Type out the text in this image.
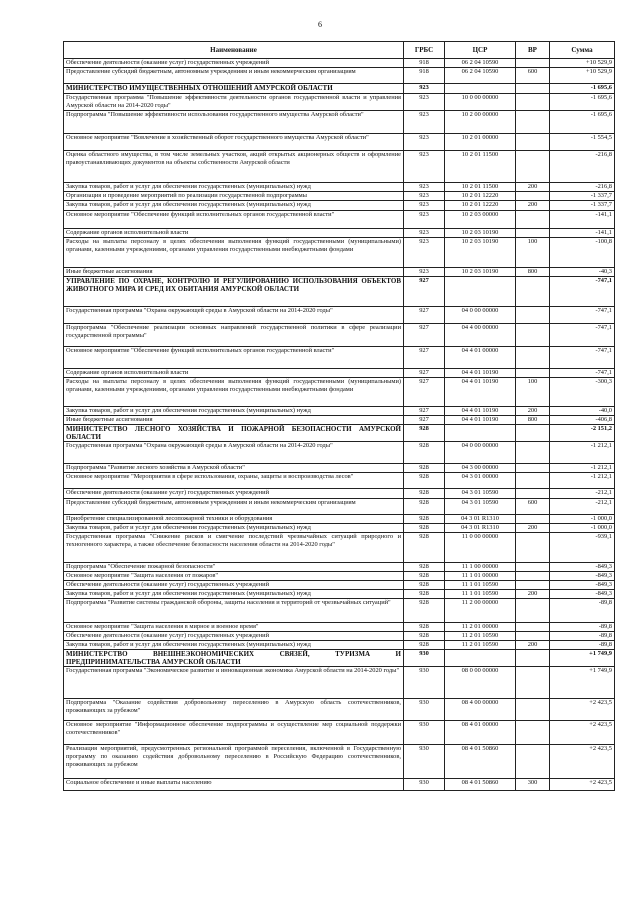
6
Наименование	ГРБС	ЦСР	ВР	Сумма
Обеспечение деятельности (оказание услуг) государственных учреждений	918	06 2 04 10590		+10 529,9
Предоставление субсидий бюджетным, автономным учреждениям и иным некоммерческим организациям	918	06 2 04 10590	600	+10 529,9
МИНИСТЕРСТВО ИМУЩЕСТВЕННЫХ ОТНОШЕНИЙ АМУРСКОЙ ОБЛАСТИ	923			-1 695,6
Государственная программа "Повышение эффективности деятельности органов государственной власти и управления Амурской области на 2014-2020 годы"	923	10 0 00 00000		-1 695,6
Подпрограмма "Повышение эффективности использования государственного имущества Амурской области"	923	10 2 00 00000		-1 695,6
Основное мероприятие "Вовлечение в хозяйственный оборот государственного имущества Амурской области"	923	10 2 01 00000		-1 554,5
Оценка областного имущества, в том числе земельных участков, акций открытых акционерных обществ и оформление правоустанавливающих документов на объекты собственности Амурской области	923	10 2 01 11500		-216,8
Закупка товаров, работ и услуг для обеспечения государственных (муниципальных) нужд	923	10 2 01 11500	200	-216,8
Организация и проведение мероприятий по реализации государственной подпрограммы	923	10 2 01 12220		-1 337,7
Закупка товаров, работ и услуг для обеспечения государственных (муниципальных) нужд	923	10 2 01 12220	200	-1 337,7
Основное мероприятие "Обеспечение функций исполнительных органов государственной власти"	923	10 2 03 00000		-141,1
Содержание органов исполнительной власти	923	10 2 03 10190		-141,1
Расходы на выплаты персоналу в целях обеспечения выполнения функций государственными (муниципальными) органами, казенными учреждениями, органами управления государственными внебюджетными фондами	923	10 2 03 10190	100	-100,8
Иные бюджетные ассигнования	923	10 2 03 10190	800	-40,3
УПРАВЛЕНИЕ ПО ОХРАНЕ, КОНТРОЛЮ И РЕГУЛИРОВАНИЮ ИСПОЛЬЗОВАНИЯ ОБЪЕКТОВ ЖИВОТНОГО МИРА И СРЕД ИХ ОБИТАНИЯ АМУРСКОЙ ОБЛАСТИ	927			-747,1
Государственная программа "Охрана окружающей среды в Амурской области на 2014-2020 годы"	927	04 0 00 00000		-747,1
Подпрограмма "Обеспечение реализации основных направлений государственной политики в сфере реализации государственной программы"	927	04 4 00 00000		-747,1
Основное мероприятие "Обеспечение функций исполнительных органов государственной власти"	927	04 4 01 00000		-747,1
Содержание органов исполнительной власти	927	04 4 01 10190		-747,1
Расходы на выплаты персоналу в целях обеспечения выполнения функций государственными (муниципальными) органами, казенными учреждениями, органами управления государственными внебюджетными фондами	927	04 4 01 10190	100	-300,3
Закупка товаров, работ и услуг для обеспечения государственных (муниципальных) нужд	927	04 4 01 10190	200	-40,0
Иные бюджетные ассигнования	927	04 4 01 10190	800	-406,8
МИНИСТЕРСТВО ЛЕСНОГО ХОЗЯЙСТВА И ПОЖАРНОЙ БЕЗОПАСНОСТИ АМУРСКОЙ ОБЛАСТИ	928			-2 151,2
Государственная программа "Охрана окружающей среды в Амурской области на 2014-2020 годы"	928	04 0 00 00000		-1 212,1
Подпрограмма "Развитие лесного хозяйства в Амурской области"	928	04 3 00 00000		-1 212,1
Основное мероприятие "Мероприятия в сфере использования, охраны, защиты и воспроизводства лесов"	928	04 3 01 00000		-1 212,1
Обеспечение деятельности (оказание услуг) государственных учреждений	928	04 3 01 10590		-212,1
Предоставление субсидий бюджетным, автономным учреждениям и иным некоммерческим организациям	928	04 3 01 10590	600	-212,1
Приобретение специализированной лесопожарной техники и оборудования	928	04 3 01 R1310		-1 000,0
Закупка товаров, работ и услуг для обеспечения государственных (муниципальных) нужд	928	04 3 01 R1310	200	-1 000,0
Государственная программа "Снижение рисков и смягчение последствий чрезвычайных ситуаций природного и техногенного характера, а также обеспечение безопасности населения области на 2014-2020 годы"	928	11 0 00 00000		-939,1
Подпрограмма "Обеспечение пожарной безопасности"	928	11 1 00 00000		-849,3
Основное мероприятие "Защита населения от пожаров"	928	11 1 01 00000		-849,3
Обеспечение деятельности (оказание услуг) государственных учреждений	928	11 1 01 10590		-849,3
Закупка товаров, работ и услуг для обеспечения государственных (муниципальных) нужд	928	11 1 01 10590	200	-849,3
Подпрограмма "Развитие системы гражданской обороны, защиты населения и территорий от чрезвычайных ситуаций"	928	11 2 00 00000		-89,8
Основное мероприятие "Защита населения в мирное и военное время"	928	11 2 01 00000		-89,8
Обеспечение деятельности (оказание услуг) государственных учреждений	928	11 2 01 10590		-89,8
Закупка товаров, работ и услуг для обеспечения государственных (муниципальных) нужд	928	11 2 01 10590	200	-89,8
МИНИСТЕРСТВО ВНЕШНЕЭКОНОМИЧЕСКИХ СВЯЗЕЙ, ТУРИЗМА И ПРЕДПРИНИМАТЕЛЬСТВА АМУРСКОЙ ОБЛАСТИ	930			+1 749,9
Государственная программа "Экономическое развитие и инновационная экономика Амурской области на 2014-2020 годы"	930	08 0 00 00000		+1 749,9
Подпрограмма "Оказание содействия добровольному переселению в Амурскую область соотечественников, проживающих за рубежом"	930	08 4 00 00000		+2 423,5
Основное мероприятие "Информационное обеспечение подпрограммы и осуществление мер социальной поддержки соотечественников"	930	08 4 01 00000		+2 423,5
Реализация мероприятий, предусмотренных региональной программой переселения, включенной в Государственную программу по оказанию содействия добровольному переселению в Российскую Федерацию соотечественников, проживающих за рубежом	930	08 4 01 50860		+2 423,5
Социальное обеспечение и иные выплаты населению	930	08 4 01 50860	300	+2 423,5
